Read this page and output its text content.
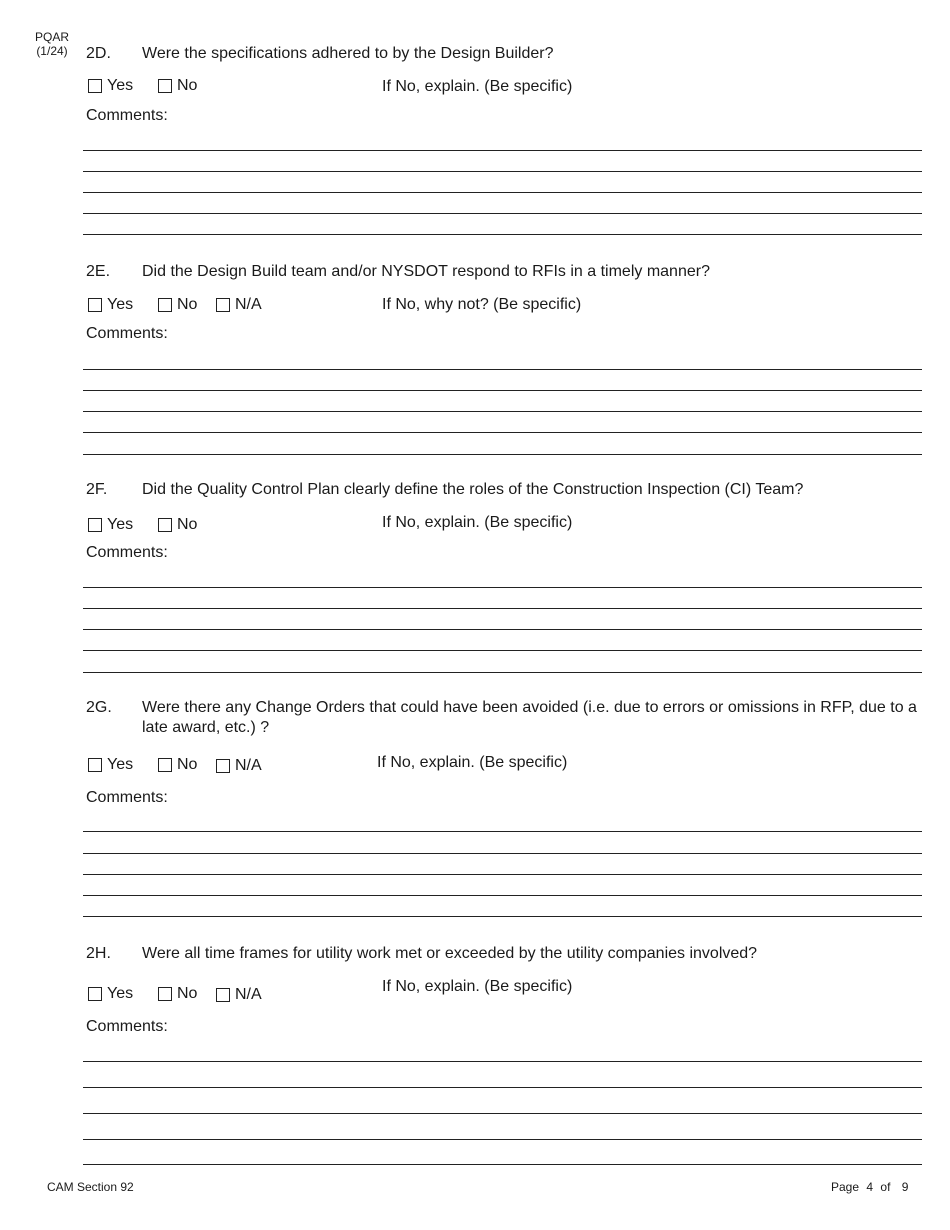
PQAR
(1/24) 2D. Were the specifications adhered to by the Design Builder?
Yes	No	If No, explain. (Be specific)
Comments:
2E. Did the Design Build team and/or NYSDOT respond to RFIs in a timely manner?
Yes	No N/A	If No, why not? (Be specific)
Comments:
2F. Did the Quality Control Plan clearly define the roles of the Construction Inspection (CI) Team?
Yes	No	If No, explain. (Be specific)
Comments:
2G. Were there any Change Orders that could have been avoided (i.e. due to errors or omissions in RFP, due to a late award, etc.) ?
Yes	No N/A	If No, explain. (Be specific)
Comments:
2H. Were all time frames for utility work met or exceeded by the utility companies involved?
Yes	No N/A	If No, explain. (Be specific)
Comments:
CAM Section 92	Page 4 of 9
